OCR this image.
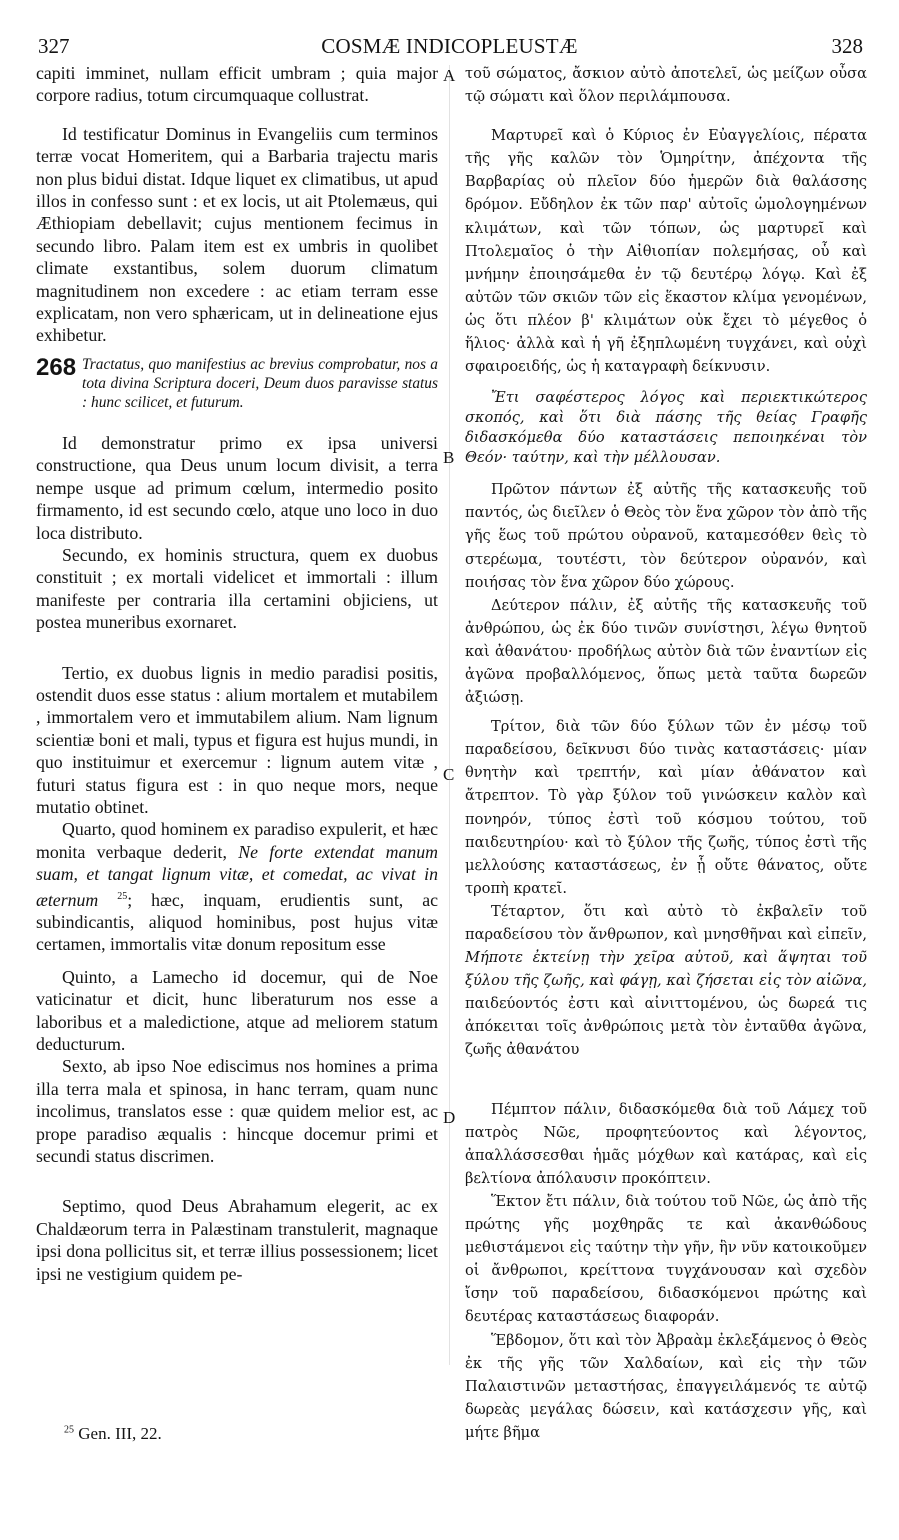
COSMÆ INDICOPLEUSTÆ
327	328
A
B
C
D

capiti imminet, nullam efficit umbram ; quia major corpore radius, totum circumquaque collustrat.

Id testificatur Dominus in Evangeliis cum terminos terræ vocat Homeritem, qui a Barbaria trajectu maris non plus bidui distat. Idque liquet ex climatibus, ut apud illos in confesso sunt : et ex locis, ut ait Ptolemæus, qui Æthiopiam debellavit; cujus mentionem fecimus in secundo libro. Palam item est ex umbris in quolibet climate exstantibus, solem duorum climatum magnitudinem non excedere : ac etiam terram esse explicatam, non vero sphæricam, ut in delineatione ejus exhibetur.

268 Tractatus, quo manifestius ac brevius comprobatur, nos a tota divina Scriptura doceri, Deum duos paravisse status : hunc scilicet, et futurum.

Id demonstratur primo ex ipsa universi constructione, qua Deus unum locum divisit, a terra nempe usque ad primum cœlum, intermedio posito firmamento, id est secundo cœlo, atque uno loco in duo loca distributo.

Secundo, ex hominis structura, quem ex duobus constituit ; ex mortali videlicet et immortali : illum manifeste per contraria illa certamini objiciens, ut postea muneribus exornaret.

Tertio, ex duobus lignis in medio paradisi positis, ostendit duos esse status : alium mortalem et mutabilem , immortalem vero et immutabilem alium. Nam lignum scientiæ boni et mali, typus et figura est hujus mundi, in quo instituimur et exercemur : lignum autem vitæ , futuri status figura est : in quo neque mors, neque mutatio obtinet.

Quarto, quod hominem ex paradiso expulerit, et hæc monita verbaque dederit, Ne forte extendat manum suam, et tangat lignum vitæ, et comedat, ac vivat in æternum $^{25}$; hæc, inquam, erudientis sunt, ac subindicantis, aliquod hominibus, post hujus vitæ certamen, immortalis vitæ donum repositum esse

Quinto, a Lamecho id docemur, qui de Noe vaticinatur et dicit, hunc liberaturum nos esse a laboribus et a maledictione, atque ad meliorem statum deducturum.

Sexto, ab ipso Noe ediscimus nos homines a prima illa terra mala et spinosa, in hanc terram, quam nunc incolimus, translatos esse : quæ quidem melior est, ac prope paradiso æqualis : hincque docemur primi et secundi status discrimen.

Septimo, quod Deus Abrahamum elegerit, ac ex Chaldæorum terra in Palæstinam transtulerit, magnaque ipsi dona pollicitus sit, et terræ illius possessionem; licet ipsi ne vestigium quidem pe-

τοῦ σώματος, ἄσκιον αὐτὸ ἀποτελεῖ, ὡς μείζων οὖσα τῷ σώματι καὶ ὅλον περιλάμπουσα.

Μαρτυρεῖ καὶ ὁ Κύριος ἐν Εὐαγγελίοις, πέρατα τῆς γῆς καλῶν τὸν Ὁμηρίτην, ἀπέχοντα τῆς Βαρβαρίας οὐ πλεῖον δύο ἡμερῶν διὰ θαλάσσης δρόμον. Εὔδηλον ἐκ τῶν παρ' αὐτοῖς ὡμολογημένων κλιμάτων, καὶ τῶν τόπων, ὡς μαρτυρεῖ καὶ Πτολεμαῖος ὁ τὴν Αἰθιοπίαν πολεμήσας, οὗ καὶ μνήμην ἐποιησάμεθα ἐν τῷ δευτέρῳ λόγῳ. Καὶ ἐξ αὐτῶν τῶν σκιῶν τῶν εἰς ἕκαστον κλίμα γενομένων, ὡς ὅτι πλέον β' κλιμάτων οὐκ ἔχει τὸ μέγεθος ὁ ἥλιος· ἀλλὰ καὶ ἡ γῆ ἐξηπλωμένη τυγχάνει, καὶ οὐχὶ σφαιροειδής, ὡς ἡ καταγραφὴ δείκνυσιν.

Ἔτι σαφέστερος λόγος καὶ περιεκτικώτερος σκοπός, καὶ ὅτι διὰ πάσης τῆς θείας Γραφῆς διδασκόμεθα δύο καταστάσεις πεποιηκέναι τὸν Θεόν· ταύτην, καὶ τὴν μέλλουσαν.

Πρῶτον πάντων ἐξ αὐτῆς τῆς κατασκευῆς τοῦ παντός, ὡς διεῖλεν ὁ Θεὸς τὸν ἕνα χῶρον τὸν ἀπὸ τῆς γῆς ἕως τοῦ πρώτου οὐρανοῦ, καταμεσόθεν θεὶς τὸ στερέωμα, τουτέστι, τὸν δεύτερον οὐρανόν, καὶ ποιήσας τὸν ἕνα χῶρον δύο χώρους.

Δεύτερον πάλιν, ἐξ αὐτῆς τῆς κατασκευῆς τοῦ ἀνθρώπου, ὡς ἐκ δύο τινῶν συνίστησι, λέγω θνητοῦ καὶ ἀθανάτου· προδήλως αὐτὸν διὰ τῶν ἐναντίων εἰς ἀγῶνα προβαλλόμενος, ὅπως μετὰ ταῦτα δωρεῶν ἀξιώσῃ.

Τρίτον, διὰ τῶν δύο ξύλων τῶν ἐν μέσῳ τοῦ παραδείσου, δεῖκνυσι δύο τινὰς καταστάσεις· μίαν θνητὴν καὶ τρεπτήν, καὶ μίαν ἀθάνατον καὶ ἄτρεπτον. Τὸ γὰρ ξύλον τοῦ γινώσκειν καλὸν καὶ πονηρόν, τύπος ἐστὶ τοῦ κόσμου τούτου, τοῦ παιδευτηρίου· καὶ τὸ ξύλον τῆς ζωῆς, τύπος ἐστὶ τῆς μελλούσης καταστάσεως, ἐν ᾗ οὔτε θάνατος, οὔτε τροπὴ κρατεῖ.

Τέταρτον, ὅτι καὶ αὐτὸ τὸ ἐκβαλεῖν τοῦ παραδείσου τὸν ἄνθρωπον, καὶ μνησθῆναι καὶ εἰπεῖν, Μήποτε ἐκτείνῃ τὴν χεῖρα αὐτοῦ, καὶ ἅψηται τοῦ ξύλου τῆς ζωῆς, καὶ φάγῃ, καὶ ζήσεται εἰς τὸν αἰῶνα, παιδεύοντός ἐστι καὶ αἰνιττομένου, ὡς δωρεά τις ἀπόκειται τοῖς ἀνθρώποις μετὰ τὸν ἐνταῦθα ἀγῶνα, ζωῆς ἀθανάτου

Πέμπτον πάλιν, διδασκόμεθα διὰ τοῦ Λάμεχ τοῦ πατρὸς Νῶε, προφητεύοντος καὶ λέγοντος, ἀπαλλάσσεσθαι ἡμᾶς μόχθων καὶ κατάρας, καὶ εἰς βελτίονα ἀπόλαυσιν προκόπτειν.

Ἕκτον ἔτι πάλιν, διὰ τούτου τοῦ Νῶε, ὡς ἀπὸ τῆς πρώτης γῆς μοχθηρᾶς τε καὶ ἀκανθώδους μεθιστάμενοι εἰς ταύτην τὴν γῆν, ἣν νῦν κατοικοῦμεν οἱ ἄνθρωποι, κρείττονα τυγχάνουσαν καὶ σχεδὸν ἴσην τοῦ παραδείσου, διδασκόμενοι πρώτης καὶ δευτέρας καταστάσεως διαφοράν.

Ἕβδομον, ὅτι καὶ τὸν Ἀβραὰμ ἐκλεξάμενος ὁ Θεὸς ἐκ τῆς γῆς τῶν Χαλδαίων, καὶ εἰς τὴν τῶν Παλαιστινῶν μεταστήσας, ἐπαγγειλάμενός τε αὐτῷ δωρεὰς μεγάλας δώσειν, καὶ κατάσχεσιν γῆς, καὶ μήτε βῆμα

$^{25}$ Gen. III, 22.
